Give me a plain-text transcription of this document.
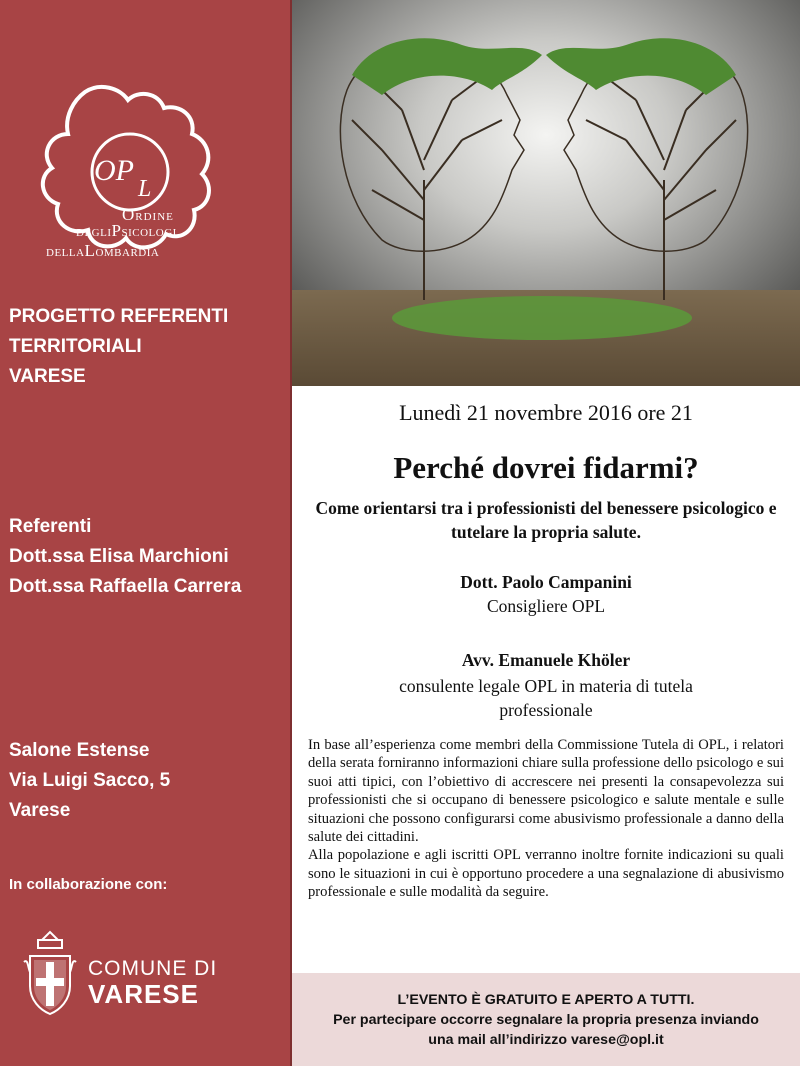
OP
L
ORDINE
DEGLIPSICOLOGI
DELLALOMBARDIA
PROGETTO REFERENTI
TERRITORIALI
VARESE
Referenti
Dott.ssa Elisa Marchioni
Dott.ssa Raffaella Carrera
Salone Estense
Via Luigi Sacco, 5
Varese
In collaborazione con:
COMUNE DI
VARESE
Lunedì 21 novembre 2016 ore 21
Perché dovrei fidarmi?
Come orientarsi tra i professionisti del benessere psicologico e tutelare la propria salute.
Dott. Paolo Campanini
Consigliere OPL
Avv. Emanuele Khöler
consulente legale OPL in materia di tutela professionale

In base all’esperienza come membri della Commissione Tutela di OPL, i relatori della serata forniranno informazioni chiare sulla professione dello psicologo e sui suoi atti tipici, con l’obiettivo di accrescere nei presenti la consapevolezza sui professionisti che si occupano di benessere psicologico e salute mentale e sulle situazioni che possono configurarsi come abusivismo professionale a danno della salute dei cittadini.

Alla popolazione e agli iscritti OPL verranno inoltre fornite indicazioni su quali sono le situazioni in cui è opportuno procedere a una segnalazione di abusivismo professionale e sulle modalità da seguire.

L’EVENTO È GRATUITO E APERTO A TUTTI.
Per partecipare occorre segnalare la propria presenza inviando
una mail all’indirizzo varese@opl.it
